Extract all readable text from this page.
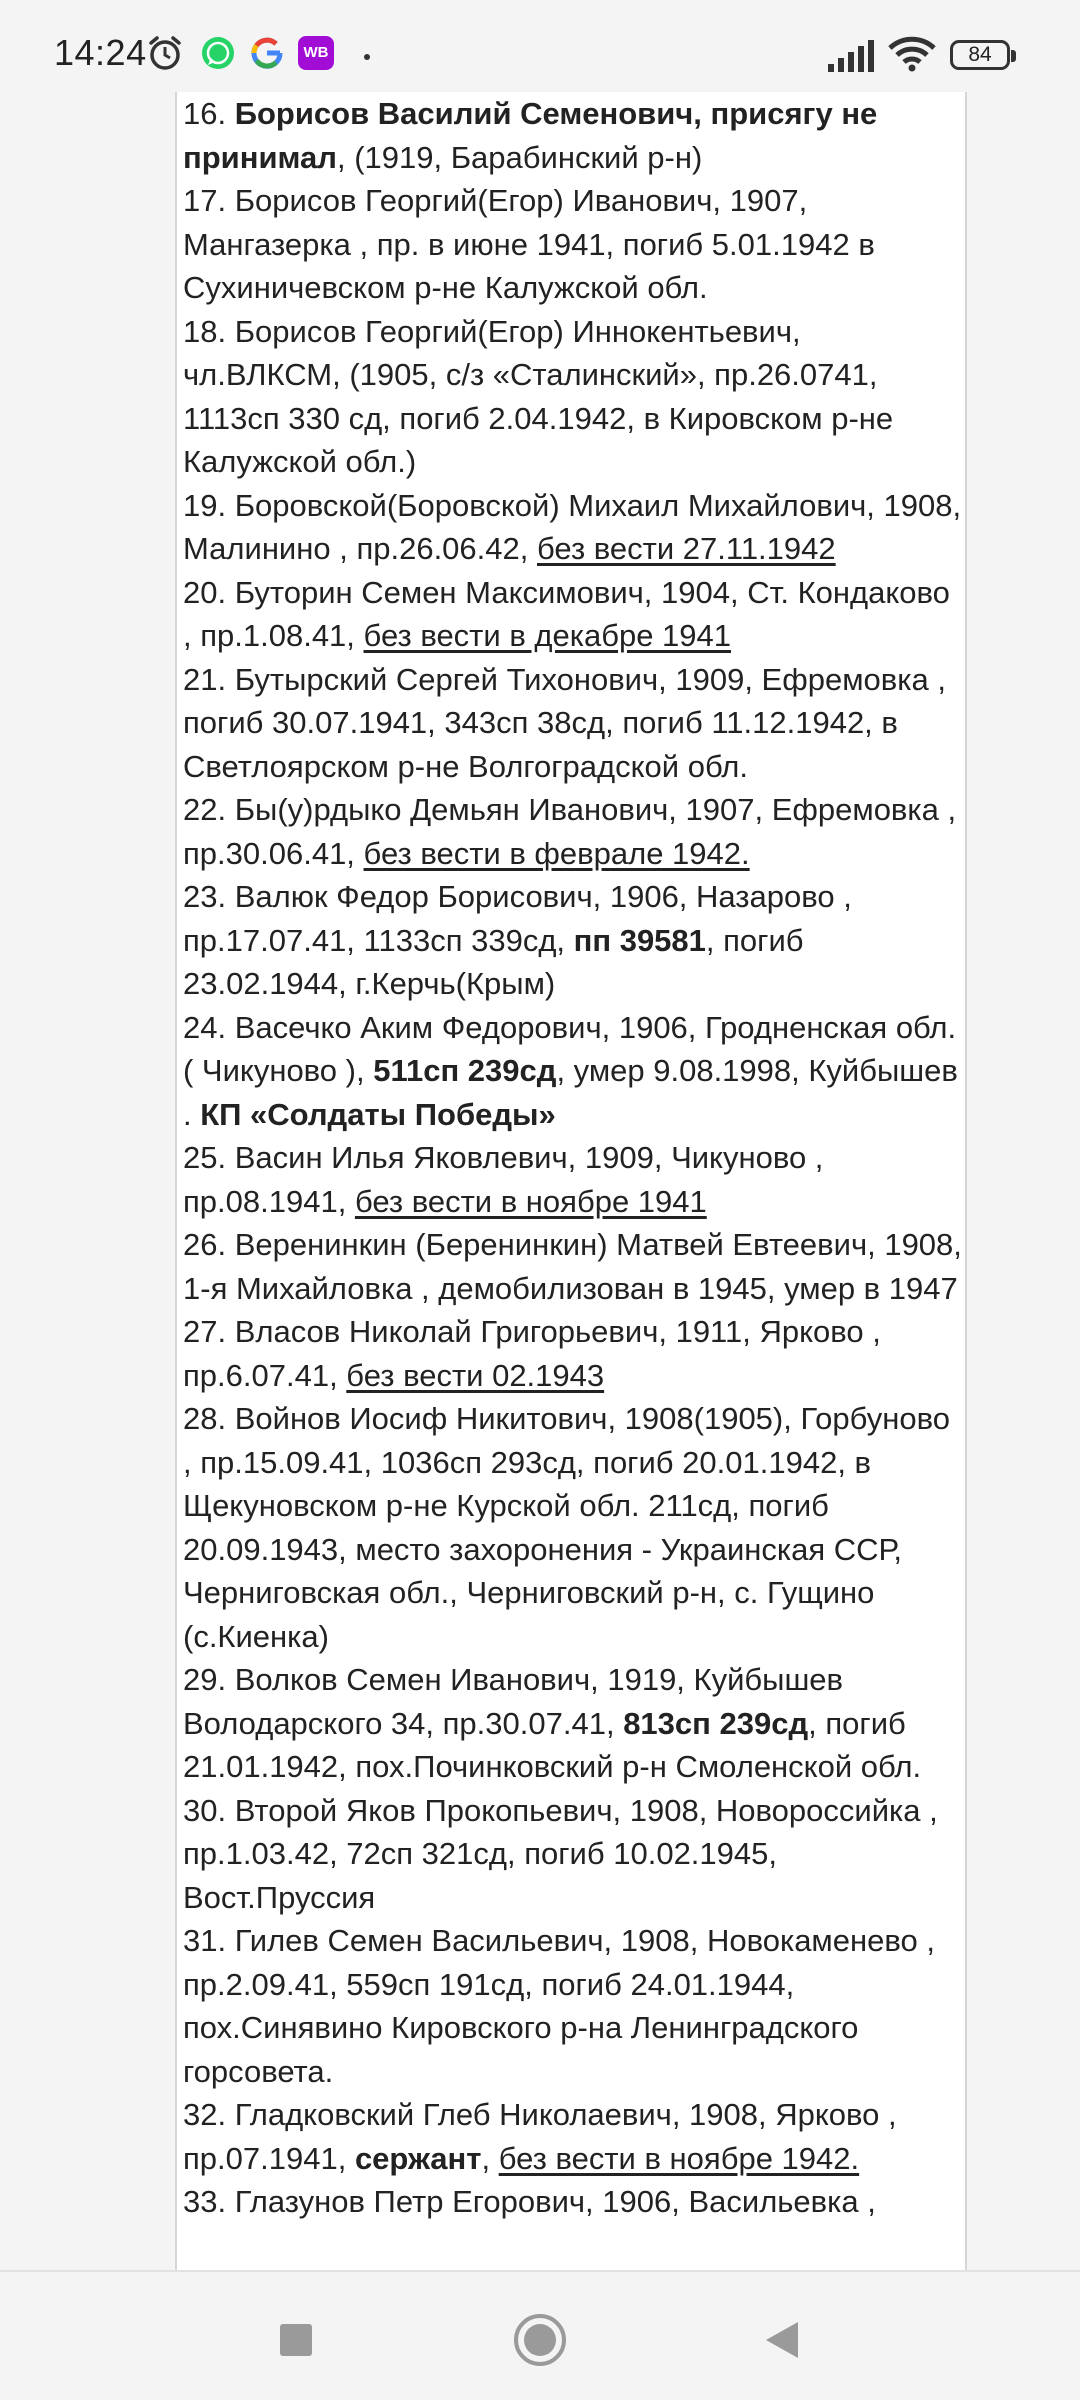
14:24	WB	84

16. Борисов Василий Семенович, присягу не принимал, (1919, Барабинский р-н)

17. Борисов Георгий(Егор) Иванович, 1907, Мангазерка , пр. в июне 1941, погиб 5.01.1942 в Сухиничевском р-не Калужской обл.

18. Борисов Георгий(Егор) Иннокентьевич, чл.ВЛКСМ, (1905, с/з «Сталинский», пр.26.0741, 1113сп 330 сд, погиб 2.04.1942, в Кировском р-не Калужской обл.)

19. Боровской(Боровской) Михаил Михайлович, 1908, Малинино , пр.26.06.42, без вести 27.11.1942

20. Буторин Семен Максимович, 1904, Ст. Кондаково , пр.1.08.41, без вести в декабре 1941

21. Бутырский Сергей Тихонович, 1909, Ефремовка , погиб 30.07.1941, 343сп 38сд, погиб 11.12.1942, в Светлоярском р-не Волгоградской обл.

22. Бы(у)рдыко Демьян Иванович, 1907, Ефремовка , пр.30.06.41, без вести в феврале 1942.

23. Валюк Федор Борисович, 1906, Назарово , пр.17.07.41, 1133сп 339сд, пп 39581, погиб 23.02.1944, г.Керчь(Крым)

24. Васечко Аким Федорович, 1906, Гродненская обл.( Чикуново ), 511сп 239сд, умер 9.08.1998, Куйбышев . КП «Солдаты Победы»

25. Васин Илья Яковлевич, 1909, Чикуново , пр.08.1941, без вести в ноябре 1941

26. Веренинкин (Беренинкин) Матвей Евтеевич, 1908, 1-я Михайловка , демобилизован в 1945, умер в 1947

27. Власов Николай Григорьевич, 1911, Ярково , пр.6.07.41, без вести 02.1943

28. Войнов Иосиф Никитович, 1908(1905), Горбуново , пр.15.09.41, 1036сп 293сд, погиб 20.01.1942, в Щекуновском р-не Курской обл. 211сд, погиб 20.09.1943, место захоронения - Украинская ССР, Черниговская обл., Черниговский р-н, с. Гущино (с.Киенка)

29. Волков Семен Иванович, 1919, Куйбышев Володарского 34, пр.30.07.41, 813сп 239сд, погиб 21.01.1942, пох.Починковский р-н Смоленской обл.

30. Второй Яков Прокопьевич, 1908, Новороссийка , пр.1.03.42, 72сп 321сд, погиб 10.02.1945, Вост.Пруссия

31. Гилев Семен Васильевич, 1908, Новокаменево , пр.2.09.41, 559сп 191сд, погиб 24.01.1944, пох.Синявино Кировского р-на Ленинградского горсовета.

32. Гладковский Глеб Николаевич, 1908, Ярково , пр.07.1941, сержант, без вести в ноябре 1942.

33. Глазунов Петр Егорович, 1906, Васильевка ,
